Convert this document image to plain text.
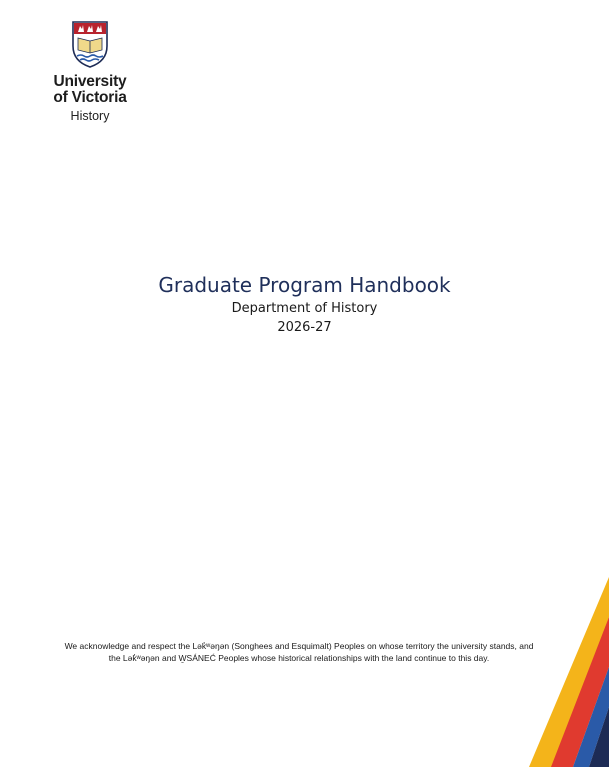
University
of Victoria
History
Graduate Program Handbook
Department of History
2026-27
We acknowledge and respect the Lək̓ʷəŋən (Songhees and Esquimalt) Peoples on whose territory the university stands, and the Lək̓ʷəŋən and W̱SÁNEĆ Peoples whose historical relationships with the land continue to this day.
